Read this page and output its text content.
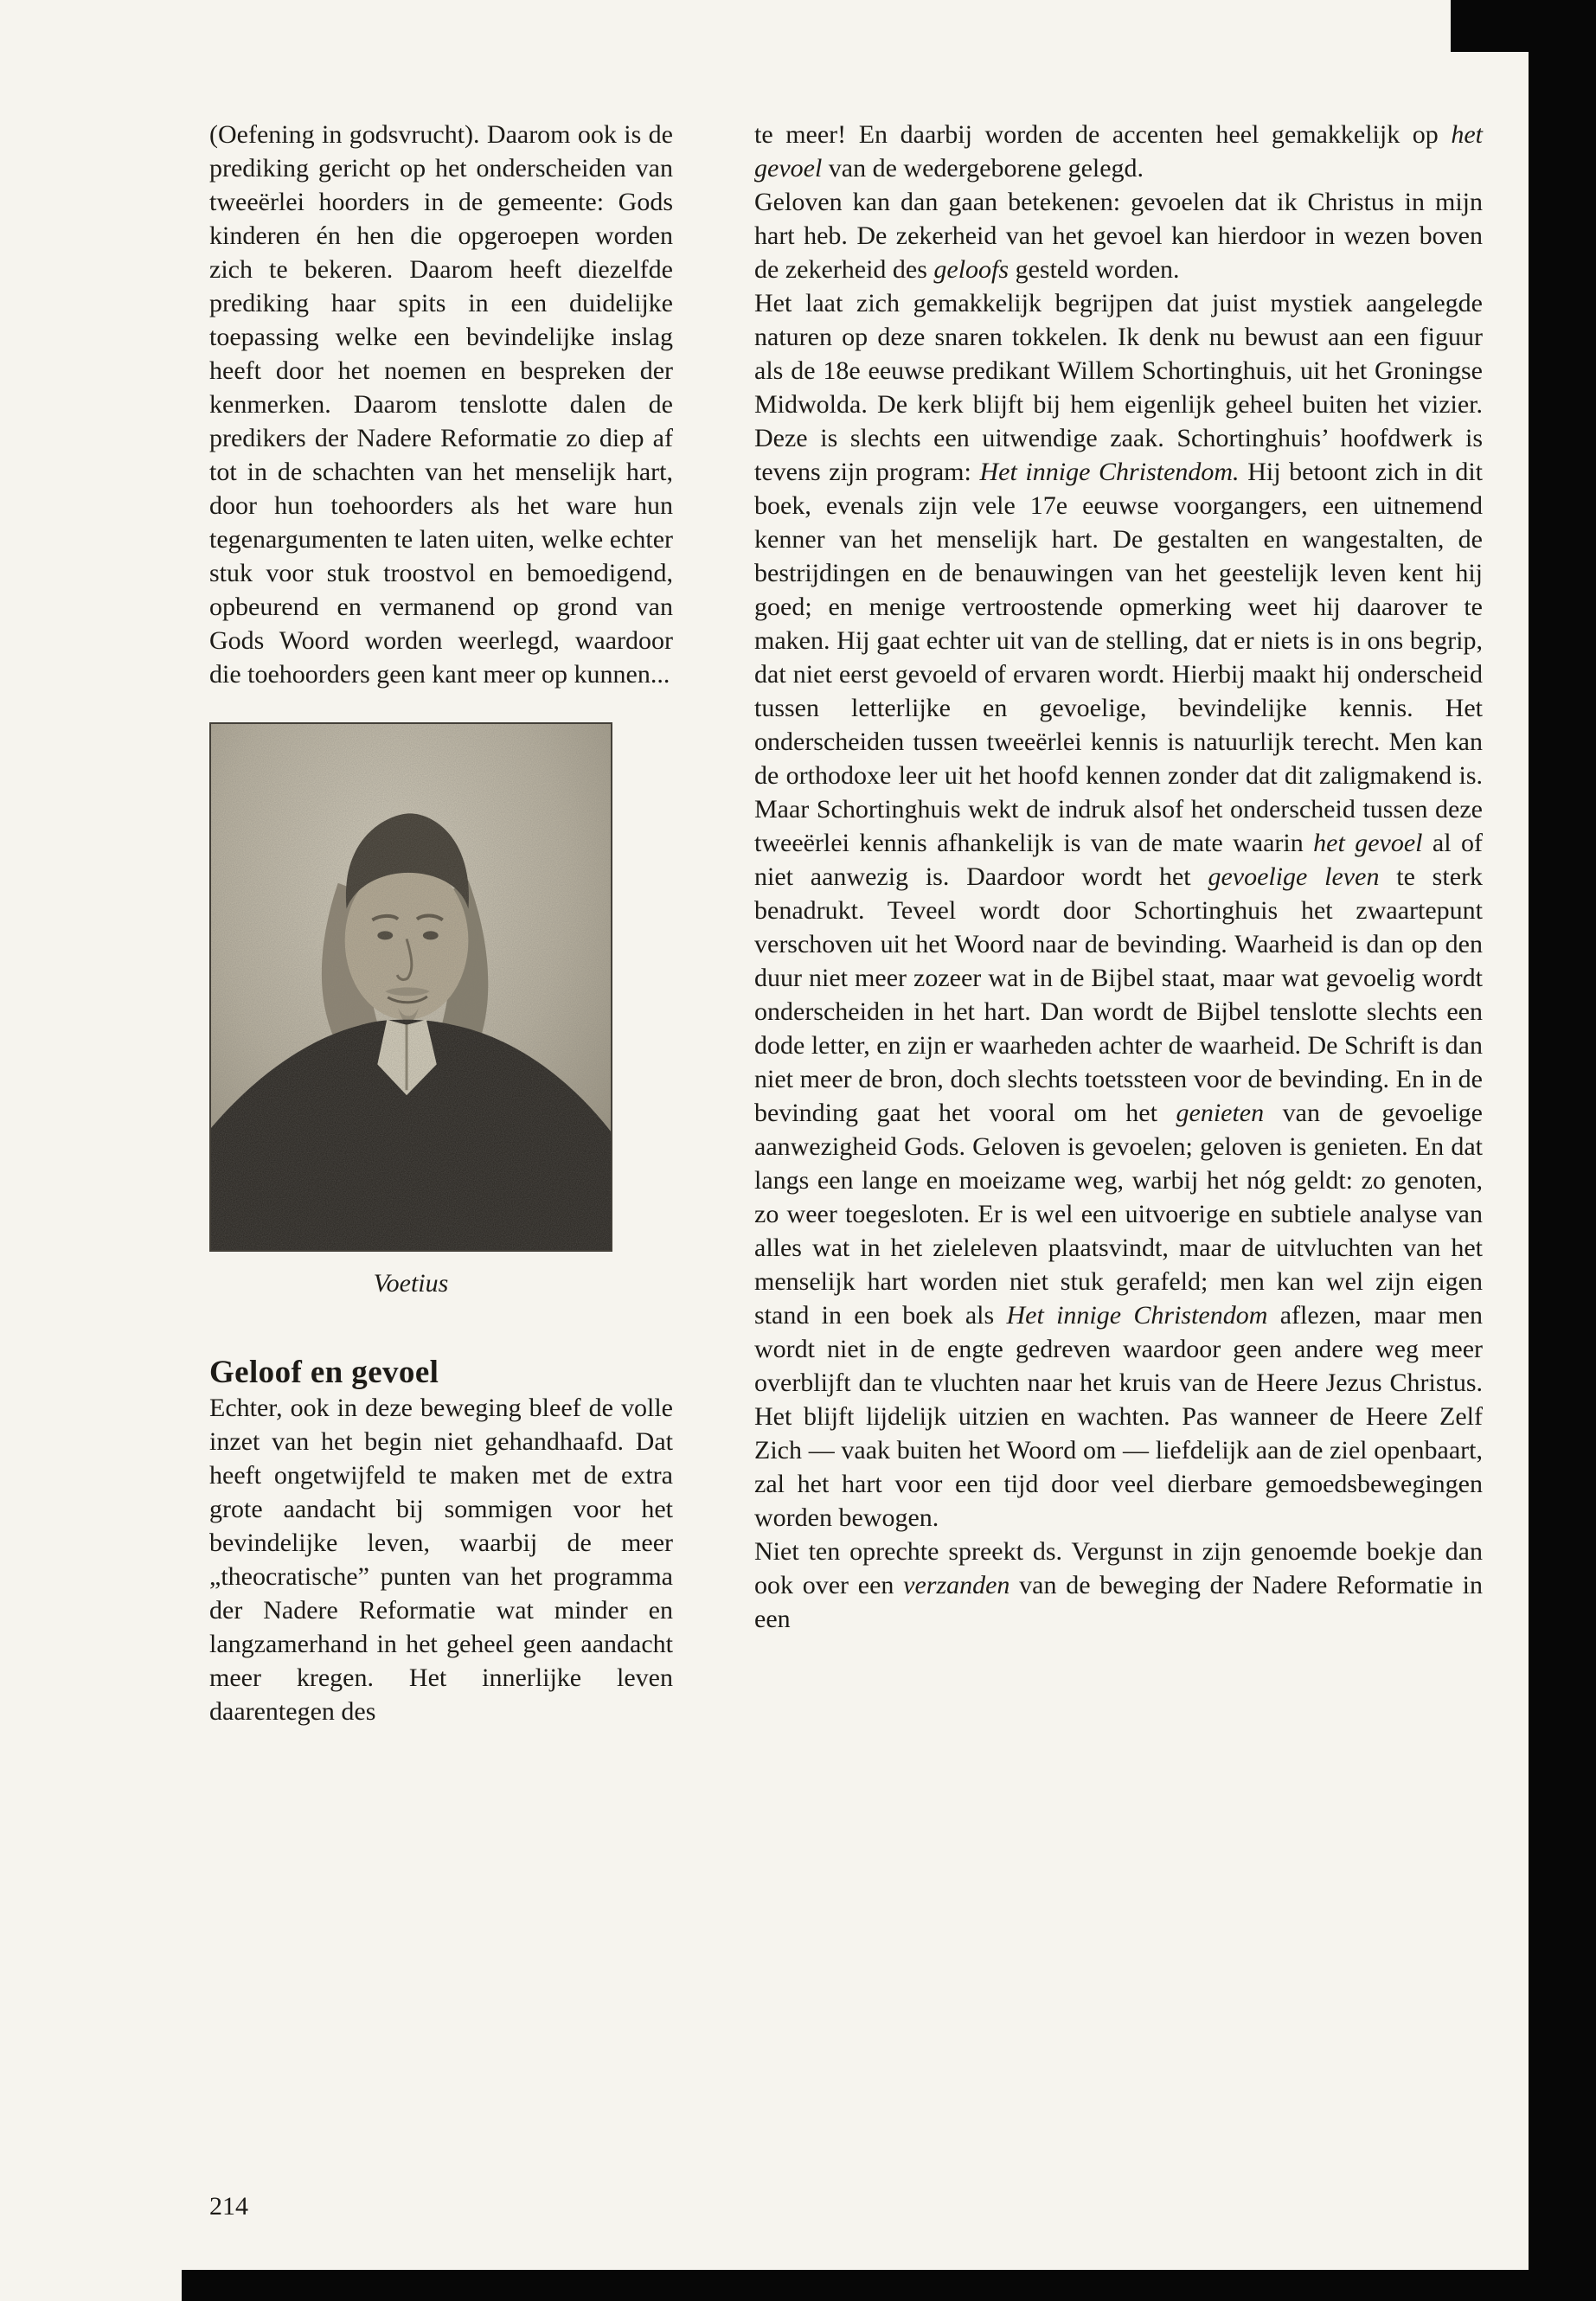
(Oefening in godsvrucht). Daarom ook is de prediking gericht op het onderscheiden van tweeërlei hoorders in de gemeente: Gods kinderen én hen die opgeroepen worden zich te bekeren. Daarom heeft diezelfde prediking haar spits in een duidelijke toepassing welke een bevindelijke inslag heeft door het noemen en bespreken der kenmerken. Daarom tenslotte dalen de predikers der Nadere Reformatie zo diep af tot in de schachten van het menselijk hart, door hun toehoorders als het ware hun tegenargumenten te laten uiten, welke echter stuk voor stuk troostvol en bemoedigend, opbeurend en vermanend op grond van Gods Woord worden weerlegd, waardoor die toehoorders geen kant meer op kunnen...

Voetius
Geloof en gevoel

Echter, ook in deze beweging bleef de volle inzet van het begin niet gehandhaafd. Dat heeft ongetwijfeld te maken met de extra grote aandacht bij sommigen voor het bevindelijke leven, waarbij de meer „theocratische” punten van het programma der Nadere Reformatie wat minder en langzamerhand in het geheel geen aandacht meer kregen. Het innerlijke leven daarentegen des

te meer! En daarbij worden de accenten heel gemakkelijk op het gevoel van de wedergeborene gelegd.

Geloven kan dan gaan betekenen: gevoelen dat ik Christus in mijn hart heb. De zekerheid van het gevoel kan hierdoor in wezen boven de zekerheid des geloofs gesteld worden.

Het laat zich gemakkelijk begrijpen dat juist mystiek aangelegde naturen op deze snaren tokkelen. Ik denk nu bewust aan een figuur als de 18e eeuwse predikant Willem Schortinghuis, uit het Groningse Midwolda. De kerk blijft bij hem eigenlijk geheel buiten het vizier. Deze is slechts een uitwendige zaak. Schortinghuis’ hoofdwerk is tevens zijn program: Het innige Christendom. Hij betoont zich in dit boek, evenals zijn vele 17e eeuwse voorgangers, een uitnemend kenner van het menselijk hart. De gestalten en wangestalten, de bestrijdingen en de benauwingen van het geestelijk leven kent hij goed; en menige vertroostende opmerking weet hij daarover te maken. Hij gaat echter uit van de stelling, dat er niets is in ons begrip, dat niet eerst gevoeld of ervaren wordt. Hierbij maakt hij onderscheid tussen letterlijke en gevoelige, bevindelijke kennis. Het onderscheiden tussen tweeërlei kennis is natuurlijk terecht. Men kan de orthodoxe leer uit het hoofd kennen zonder dat dit zaligmakend is. Maar Schortinghuis wekt de indruk alsof het onderscheid tussen deze tweeërlei kennis afhankelijk is van de mate waarin het gevoel al of niet aanwezig is. Daardoor wordt het gevoelige leven te sterk benadrukt. Teveel wordt door Schortinghuis het zwaartepunt verschoven uit het Woord naar de bevinding. Waarheid is dan op den duur niet meer zozeer wat in de Bijbel staat, maar wat gevoelig wordt onderscheiden in het hart. Dan wordt de Bijbel tenslotte slechts een dode letter, en zijn er waarheden achter de waarheid. De Schrift is dan niet meer de bron, doch slechts toetssteen voor de bevinding. En in de bevinding gaat het vooral om het genieten van de gevoelige aanwezigheid Gods. Geloven is gevoelen; geloven is genieten. En dat langs een lange en moeizame weg, warbij het nóg geldt: zo genoten, zo weer toegesloten. Er is wel een uitvoerige en subtiele analyse van alles wat in het zieleleven plaatsvindt, maar de uitvluchten van het menselijk hart worden niet stuk gerafeld; men kan wel zijn eigen stand in een boek als Het innige Christendom aflezen, maar men wordt niet in de engte gedreven waardoor geen andere weg meer overblijft dan te vluchten naar het kruis van de Heere Jezus Christus. Het blijft lijdelijk uitzien en wachten. Pas wanneer de Heere Zelf Zich — vaak buiten het Woord om — liefdelijk aan de ziel openbaart, zal het hart voor een tijd door veel dierbare gemoedsbewegingen worden bewogen.

Niet ten oprechte spreekt ds. Vergunst in zijn genoemde boekje dan ook over een verzanden van de beweging der Nadere Reformatie in een

214
